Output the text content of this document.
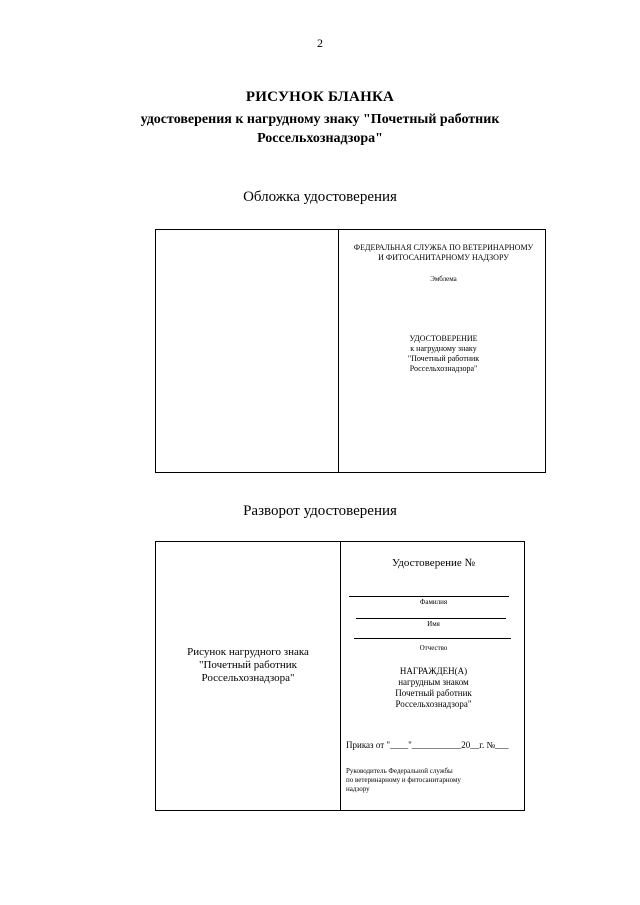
2
РИСУНОК БЛАНКА
удостоверения к нагрудному знаку "Почетный работник
Россельхознадзора"
Обложка удостоверения
ФЕДЕРАЛЬНАЯ СЛУЖБА ПО ВЕТЕРИНАРНОМУ
И ФИТОСАНИТАРНОМУ НАДЗОРУ
Эмблема
УДОСТОВЕРЕНИЕ
к нагрудному знаку
"Почетный работник
Россельхознадзора"
Разворот удостоверения
Рисунок нагрудного знака
"Почетный работник
Россельхознадзора"
Удостоверение №
Фамилия
Имя
Отчество
НАГРАЖДЕН(А)
нагрудным знаком
Почетный работник
Россельхознадзора"
Приказ от "____"___________20__г. №___
Руководитель Федеральной службы
по ветеринарному и фитосанитарному
надзору
